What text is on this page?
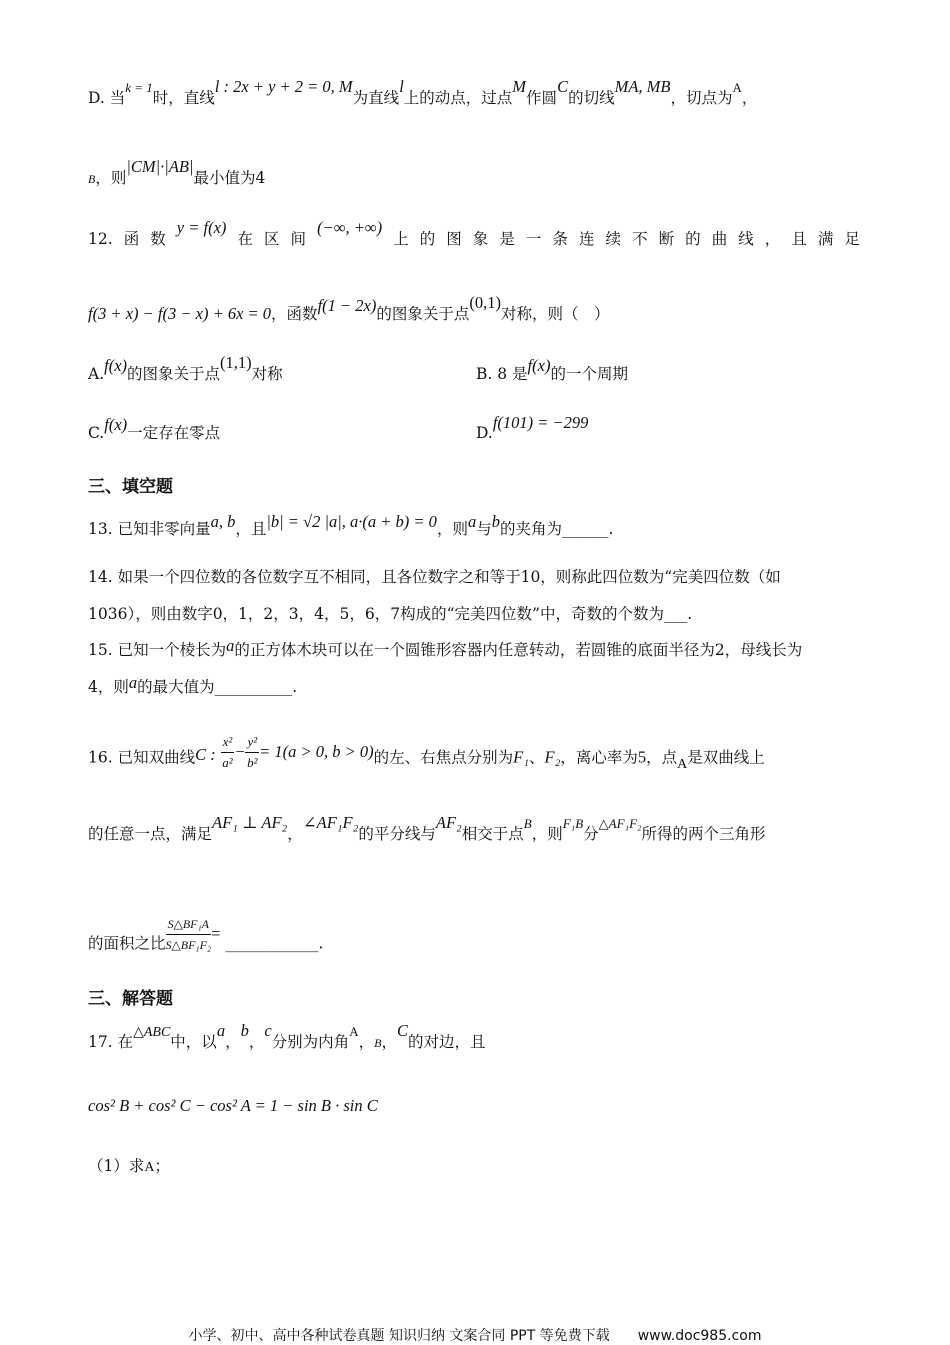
D. 当$^{k = 1}$时，直线l : 2x + y + 2 = 0, M为直线l上的动点，过点M作圆C的切线MA, MB，切点为$^A$，
B，则|CM|·|AB|最小值为4
12. 函 数
y = f(x)
在 区 间
(−∞, +∞)
上 的 图 象 是 一 条 连 续 不 断 的 曲 线 ， 且 满 足
f(3 + x) − f(3 − x) + 6x = 0，函数f(1 − 2x)的图象关于点(0,1)对称，则（　）
A.f(x)的图象关于点(1,1)对称	B. 8 是f(x)的一个周期
C.f(x)一定存在零点	D.f(101) = −299
三、填空题
13. 已知非零向量a, b，且|b| = √2 |a|, a·(a + b) = 0，则a与b的夹角为______.
14. 如果一个四位数的各位数字互不相同，且各位数字之和等于10，则称此四位数为“完美四位数（如
1036），则由数字0，1，2，3，4，5，6，7构成的“完美四位数”中，奇数的个数为___.
15. 已知一个棱长为a的正方体木块可以在一个圆锥形容器内任意转动，若圆锥的底面半径为2，母线长为
4，则a的最大值为__________.
16. 已知双曲线C : $\frac{\text{x²}}{\text{a²}} - \frac{\text{y²}}{\text{b²}} = 1(a > 0$, b > 0)的左、右焦点分别为F₁、F₂，离心率为5，点A是双曲线上
的任意一点，满足AF₁ ⊥ AF₂，∠AF₁F₂的平分线与AF₂相交于点$^B$，则$^{F_1B}$分$^{\triangle AF_1F_2}$所得的两个三角形
的面积之比 $\frac{\text{S△BF₁A}}{\text{S△BF₁F₂}}$ = ____________.
三、解答题
17. 在△ABC中，以a，b，c分别为内角$^A$，B，C的对边，且
cos² B + cos² C − cos² A = 1 − sin B · sin C
（1）求A；
小学、初中、高中各种试卷真题 知识归纳 文案合同 PPT 等免费下载　　www.doc985.com
